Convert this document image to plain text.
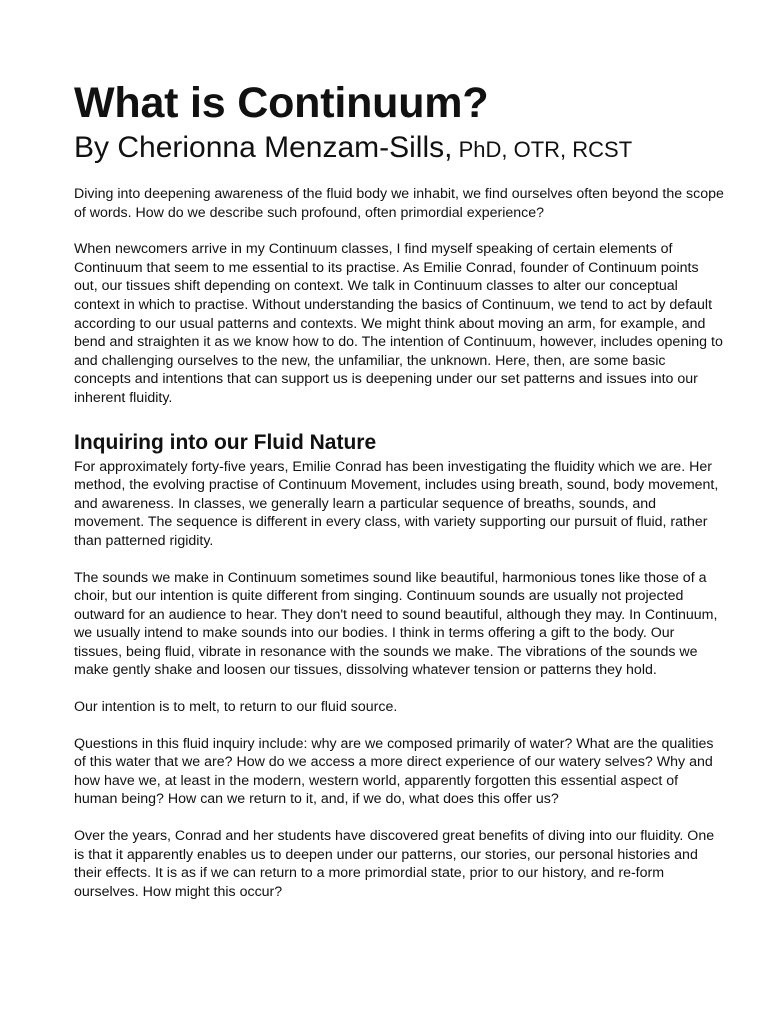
What is Continuum?
By Cherionna Menzam-Sills, PhD, OTR, RCST

Diving into deepening awareness of the fluid body we inhabit, we find ourselves often beyond the scope of words. How do we describe such profound, often primordial experience?

When newcomers arrive in my Continuum classes, I find myself speaking of certain elements of Continuum that seem to me essential to its practise. As Emilie Conrad, founder of Continuum points out, our tissues shift depending on context. We talk in Continuum classes to alter our conceptual context in which to practise. Without understanding the basics of Continuum, we tend to act by default according to our usual patterns and contexts. We might think about moving an arm, for example, and bend and straighten it as we know how to do. The intention of Continuum, however, includes opening to and challenging ourselves to the new, the unfamiliar, the unknown. Here, then, are some basic concepts and intentions that can support us is deepening under our set patterns and issues into our inherent fluidity.

Inquiring into our Fluid Nature

For approximately forty-five years, Emilie Conrad has been investigating the fluidity which we are. Her method, the evolving practise of Continuum Movement, includes using breath, sound, body movement, and awareness. In classes, we generally learn a particular sequence of breaths, sounds, and movement. The sequence is different in every class, with variety supporting our pursuit of fluid, rather than patterned rigidity.

The sounds we make in Continuum sometimes sound like beautiful, harmonious tones like those of a choir, but our intention is quite different from singing. Continuum sounds are usually not projected outward for an audience to hear. They don't need to sound beautiful, although they may. In Continuum, we usually intend to make sounds into our bodies. I think in terms offering a gift to the body. Our tissues, being fluid, vibrate in resonance with the sounds we make. The vibrations of the sounds we make gently shake and loosen our tissues, dissolving whatever tension or patterns they hold.

Our intention is to melt, to return to our fluid source.

Questions in this fluid inquiry include: why are we composed primarily of water? What are the qualities of this water that we are? How do we access a more direct experience of our watery selves? Why and how have we, at least in the modern, western world, apparently forgotten this essential aspect of human being? How can we return to it, and, if we do, what does this offer us?

Over the years, Conrad and her students have discovered great benefits of diving into our fluidity. One is that it apparently enables us to deepen under our patterns, our stories, our personal histories and their effects. It is as if we can return to a more primordial state, prior to our history, and re-form ourselves. How might this occur?
